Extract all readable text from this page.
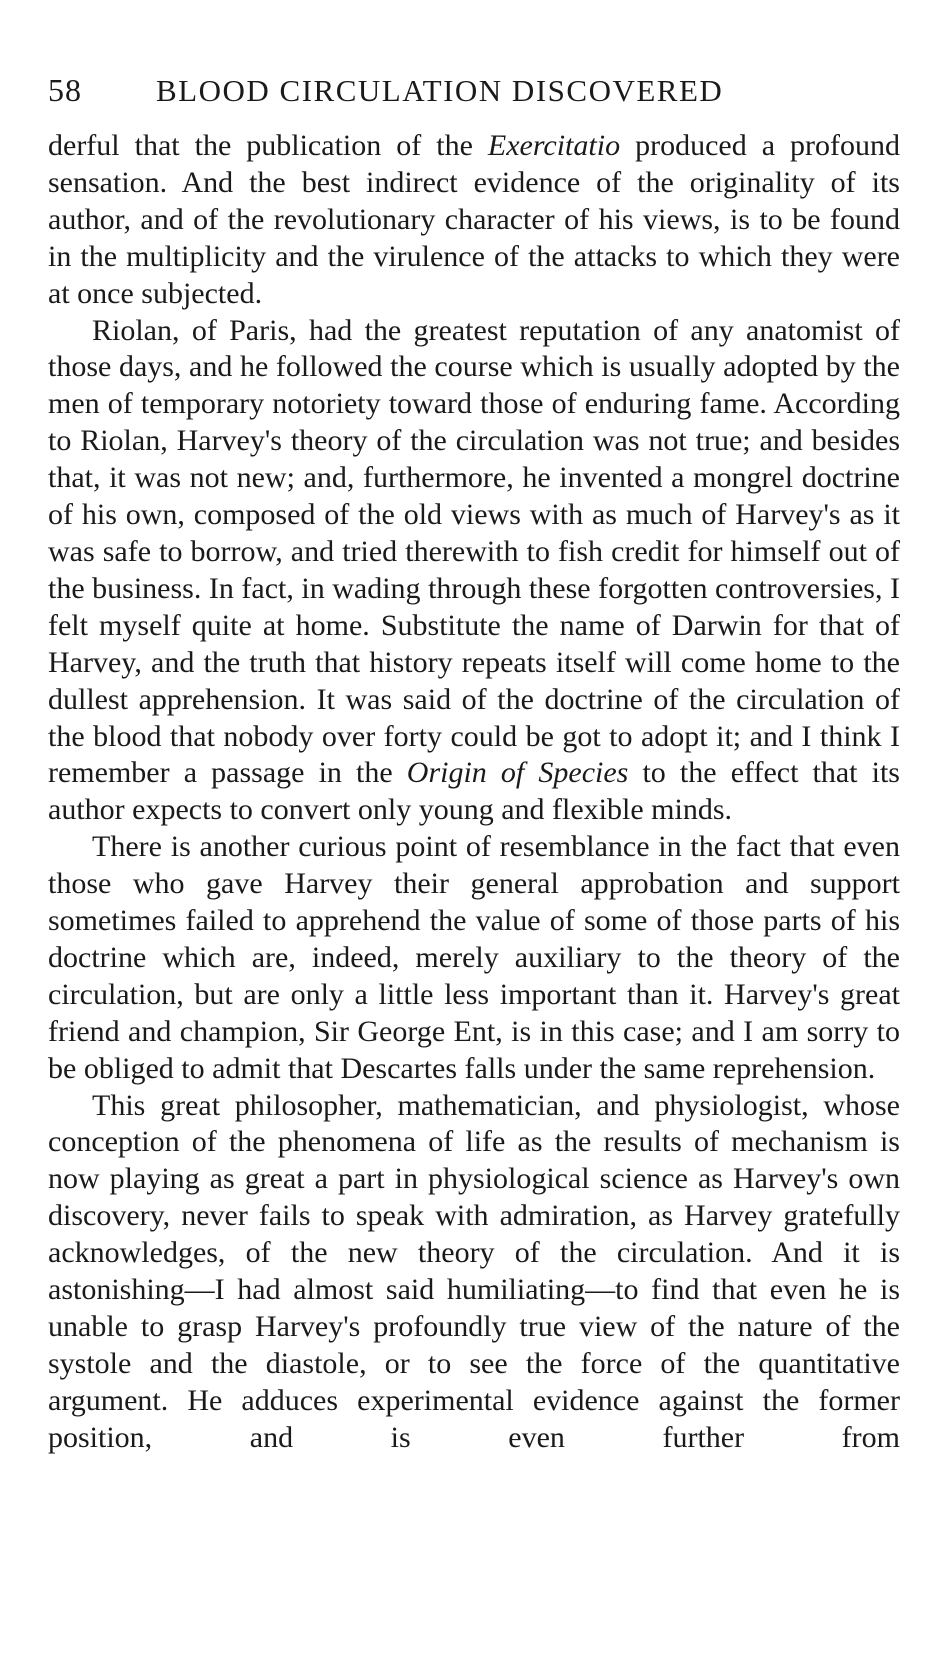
58	BLOOD CIRCULATION DISCOVERED

derful that the publication of the Exercitatio produced a profound sensation. And the best indirect evidence of the originality of its author, and of the revolutionary character of his views, is to be found in the multiplicity and the virulence of the attacks to which they were at once subjected.

Riolan, of Paris, had the greatest reputation of any anatomist of those days, and he followed the course which is usually adopted by the men of temporary notoriety toward those of enduring fame. According to Riolan, Harvey's theory of the circulation was not true; and besides that, it was not new; and, furthermore, he invented a mongrel doctrine of his own, composed of the old views with as much of Harvey's as it was safe to borrow, and tried therewith to fish credit for himself out of the business. In fact, in wading through these forgotten controversies, I felt myself quite at home. Substitute the name of Darwin for that of Harvey, and the truth that history repeats itself will come home to the dullest apprehension. It was said of the doctrine of the circulation of the blood that nobody over forty could be got to adopt it; and I think I remember a passage in the Origin of Species to the effect that its author expects to convert only young and flexible minds.

There is another curious point of resemblance in the fact that even those who gave Harvey their general approbation and support sometimes failed to apprehend the value of some of those parts of his doctrine which are, indeed, merely auxiliary to the theory of the circulation, but are only a little less important than it. Harvey's great friend and champion, Sir George Ent, is in this case; and I am sorry to be obliged to admit that Descartes falls under the same reprehension.

This great philosopher, mathematician, and physiologist, whose conception of the phenomena of life as the results of mechanism is now playing as great a part in physiological science as Harvey's own discovery, never fails to speak with admiration, as Harvey gratefully acknowledges, of the new theory of the circulation. And it is astonishing—I had almost said humiliating—to find that even he is unable to grasp Harvey's profoundly true view of the nature of the systole and the diastole, or to see the force of the quantitative argument. He adduces experimental evidence against the former position, and is even further from
